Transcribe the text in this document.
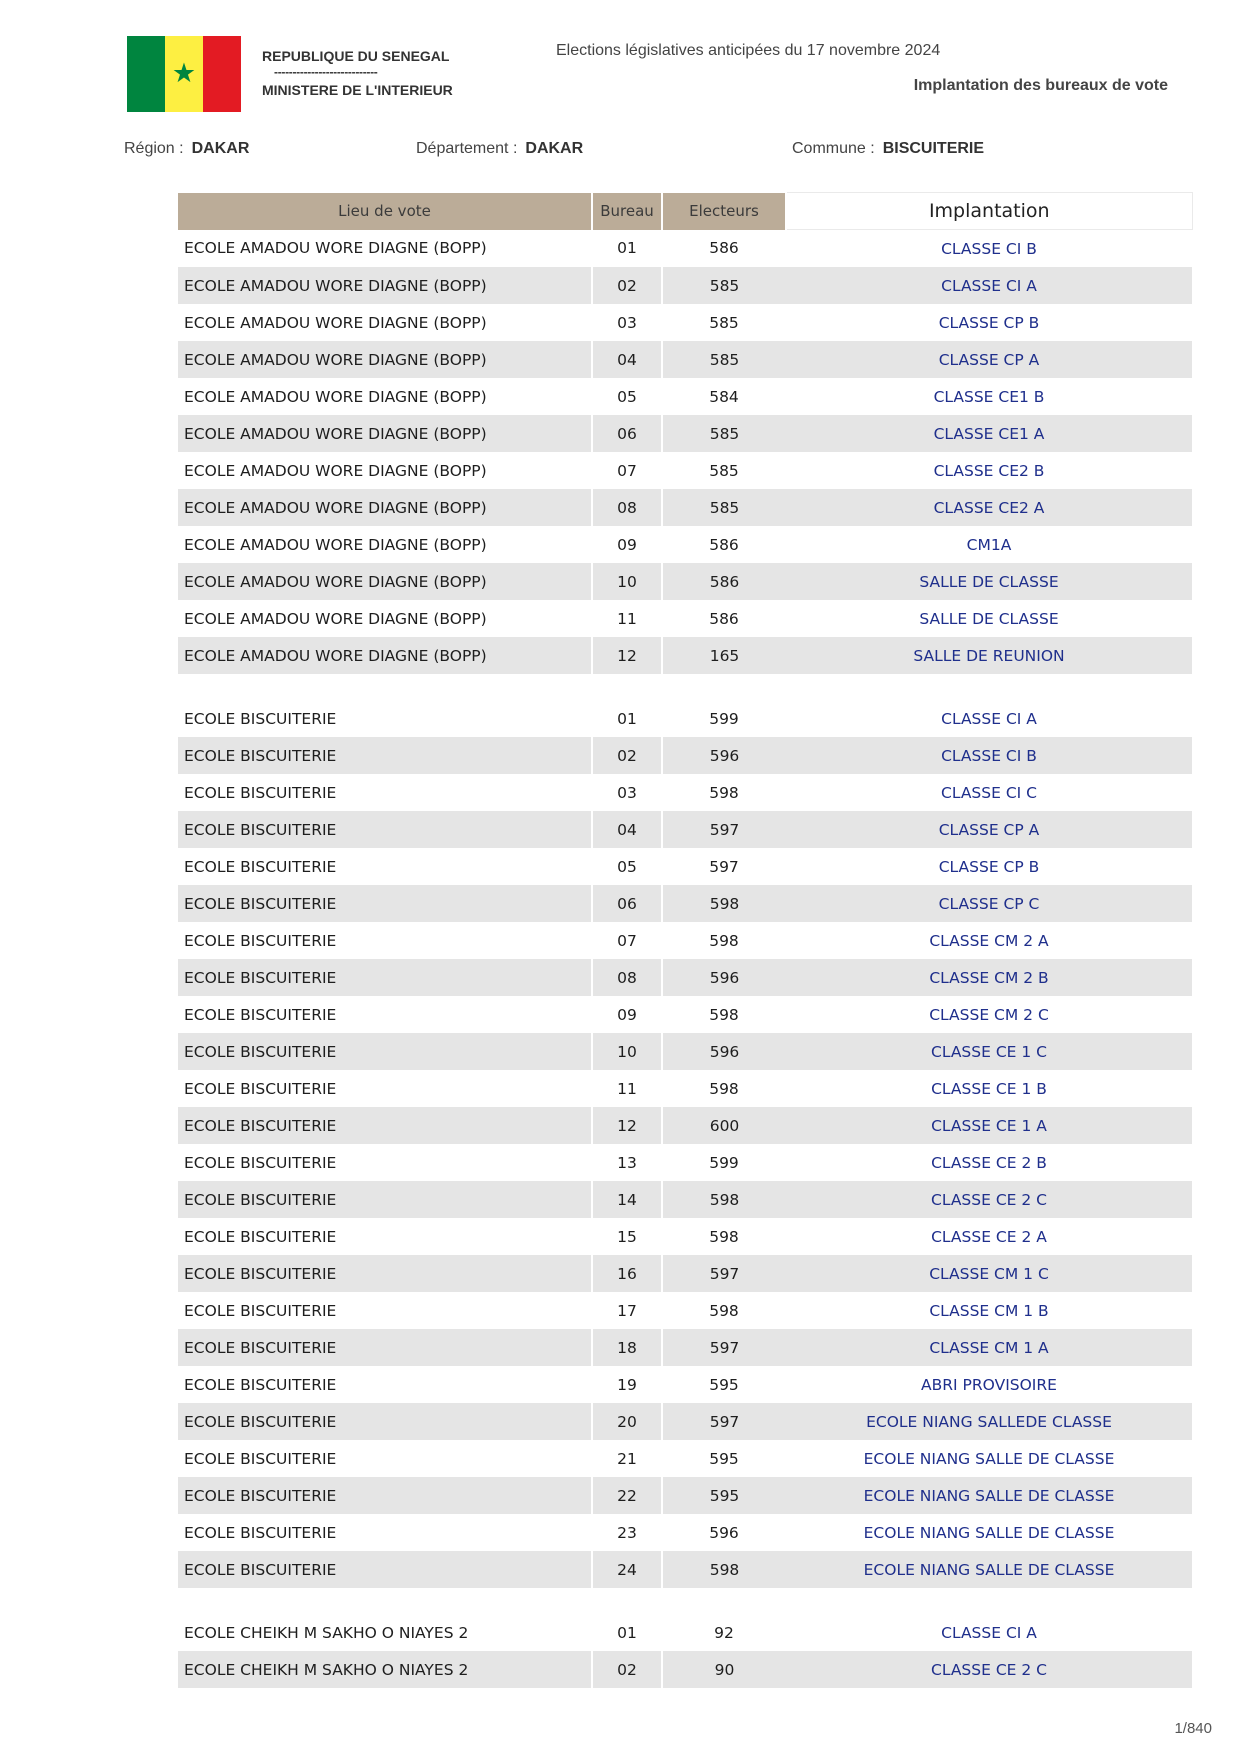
★
REPUBLIQUE DU SENEGAL
----------------------------
MINISTERE DE L'INTERIEUR
Elections législatives anticipées du 17 novembre 2024
Implantation des bureaux de vote
Région : DAKAR	Département : DAKAR	Commune : BISCUITERIE
Lieu de vote	Bureau	Electeurs	Implantation
ECOLE AMADOU WORE DIAGNE (BOPP)	01	586	CLASSE CI B
ECOLE AMADOU WORE DIAGNE (BOPP)	02	585	CLASSE CI A
ECOLE AMADOU WORE DIAGNE (BOPP)	03	585	CLASSE CP B
ECOLE AMADOU WORE DIAGNE (BOPP)	04	585	CLASSE CP A
ECOLE AMADOU WORE DIAGNE (BOPP)	05	584	CLASSE CE1 B
ECOLE AMADOU WORE DIAGNE (BOPP)	06	585	CLASSE CE1 A
ECOLE AMADOU WORE DIAGNE (BOPP)	07	585	CLASSE CE2 B
ECOLE AMADOU WORE DIAGNE (BOPP)	08	585	CLASSE CE2 A
ECOLE AMADOU WORE DIAGNE (BOPP)	09	586	CM1A
ECOLE AMADOU WORE DIAGNE (BOPP)	10	586	SALLE DE CLASSE
ECOLE AMADOU WORE DIAGNE (BOPP)	11	586	SALLE DE CLASSE
ECOLE AMADOU WORE DIAGNE (BOPP)	12	165	SALLE DE REUNION

ECOLE BISCUITERIE	01	599	CLASSE CI A
ECOLE BISCUITERIE	02	596	CLASSE CI B
ECOLE BISCUITERIE	03	598	CLASSE CI C
ECOLE BISCUITERIE	04	597	CLASSE CP A
ECOLE BISCUITERIE	05	597	CLASSE CP B
ECOLE BISCUITERIE	06	598	CLASSE CP C
ECOLE BISCUITERIE	07	598	CLASSE CM 2 A
ECOLE BISCUITERIE	08	596	CLASSE CM 2 B
ECOLE BISCUITERIE	09	598	CLASSE CM 2 C
ECOLE BISCUITERIE	10	596	CLASSE CE 1 C
ECOLE BISCUITERIE	11	598	CLASSE CE 1 B
ECOLE BISCUITERIE	12	600	CLASSE CE 1 A
ECOLE BISCUITERIE	13	599	CLASSE CE 2 B
ECOLE BISCUITERIE	14	598	CLASSE CE 2 C
ECOLE BISCUITERIE	15	598	CLASSE CE 2 A
ECOLE BISCUITERIE	16	597	CLASSE CM 1 C
ECOLE BISCUITERIE	17	598	CLASSE CM 1 B
ECOLE BISCUITERIE	18	597	CLASSE CM 1 A
ECOLE BISCUITERIE	19	595	ABRI PROVISOIRE
ECOLE BISCUITERIE	20	597	ECOLE NIANG SALLEDE CLASSE
ECOLE BISCUITERIE	21	595	ECOLE NIANG SALLE DE CLASSE
ECOLE BISCUITERIE	22	595	ECOLE NIANG SALLE DE CLASSE
ECOLE BISCUITERIE	23	596	ECOLE NIANG SALLE DE CLASSE
ECOLE BISCUITERIE	24	598	ECOLE NIANG SALLE DE CLASSE

ECOLE CHEIKH M SAKHO O NIAYES 2	01	92	CLASSE CI A
ECOLE CHEIKH M SAKHO O NIAYES 2	02	90	CLASSE CE 2 C
1/840
